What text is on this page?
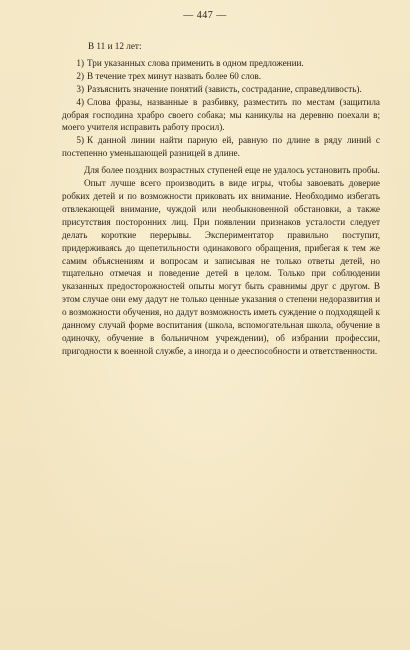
— 447 —

В 11 и 12 лет:

1) Три указанных слова применить в одном предложении.

2) В течение трех минут назвать более 60 слов.

3) Разъяснить значение понятий (зависть, сострадание, справедливость).

4) Слова фразы, названные в разбивку, разместить по местам (защитила добрая господина храбро своего собака; мы каникулы на деревню поехали в; моего учителя исправить работу просил).

5) К данной линии найти парную ей, равную по длине в ряду линий с постепенно уменьшающей разницей в длине.

Для более поздних возрастных ступеней еще не удалось установить пробы.

Опыт лучше всего производить в виде игры, чтобы завоевать доверие робких детей и по возможности приковать их внимание. Необходимо избегать отвлекающей внимание, чуждой или необыкновенной обстановки, а также присутствия посторонних лиц. При появлении признаков усталости следует делать короткие перерывы. Экспериментатор правильно поступит, придерживаясь до щепетильности одинакового обращения, прибегая к тем же самим объяснениям и вопросам и записывая не только ответы детей, но тщательно отмечая и поведение детей в целом. Только при соблюдении указанных предосторожностей опыты могут быть сравнимы друг с другом. В этом случае они ему дадут не только ценные указания о степени недоразвития и о возможности обучения, но дадут возможность иметь суждение о подходящей к данному случай форме воспитания (школа, вспомогательная школа, обучение в одиночку, обучение в больничном учреждении), об избрании профессии, пригодности к военной службе, а иногда и о дееспособности и ответственности.
